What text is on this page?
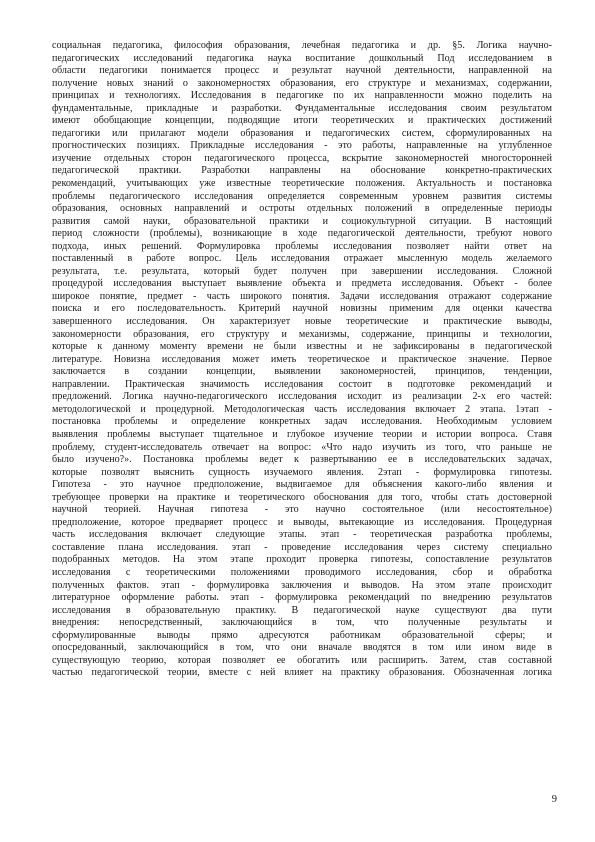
социальная педагогика, философия образования, лечебная педагогика и др. §5. Логика научно-
педагогических исследований педагогика наука воспитание дошкольный Под исследованием в
области педагогики понимается процесс и результат научной деятельности, направленной на
получение новых знаний о закономерностях образования, его структуре и механизмах, содержании,
принципах и технологиях. Исследования в педагогике по их направленности можно поделить на
фундаментальные, прикладные и разработки. Фундаментальные исследования своим результатом
имеют обобщающие концепции, подводящие итоги теоретических и практических достижений
педагогики или прилагают модели образования и педагогических систем, сформулированных на
прогностических позициях. Прикладные исследования - это работы, направленные на углубленное
изучение отдельных сторон педагогического процесса, вскрытие закономерностей многосторонней
педагогической практики. Разработки направлены на обоснование конкретно-практических
рекомендаций, учитывающих уже известные теоретические положения. Актуальность и постановка
проблемы педагогического исследования определяется современным уровнем развития системы
образования, основных направлений и остроты отдельных положений в определенные периоды
развития самой науки, образовательной практики и социокультурной ситуации. В настоящий
период сложности (проблемы), возникающие в ходе педагогической деятельности, требуют нового
подхода, иных решений. Формулировка проблемы исследования позволяет найти ответ на
поставленный в работе вопрос. Цель исследования отражает мысленную модель желаемого
результата, т.е. результата, который будет получен при завершении исследования. Сложной
процедурой исследования выступает выявление объекта и предмета исследования. Объект - более
широкое понятие, предмет - часть широкого понятия. Задачи исследования отражают содержание
поиска и его последовательность. Критерий научной новизны применим для оценки качества
завершенного исследования. Он характеризует новые теоретические и практические выводы,
закономерности образования, его структуру и механизмы, содержание, принципы и технологии,
которые к данному моменту времени не были известны и не зафиксированы в педагогической
литературе. Новизна исследования может иметь теоретическое и практическое значение. Первое
заключается в создании концепции, выявлении закономерностей, принципов, тенденции,
направлении. Практическая значимость исследования состоит в подготовке рекомендаций и
предложений. Логика научно-педагогического исследования исходит из реализации 2-х его частей:
методологической и процедурной. Методологическая часть исследования включает 2 этапа. 1этап -
постановка проблемы и определение конкретных задач исследования. Необходимым условием
выявления проблемы выступает тщательное и глубокое изучение теории и истории вопроса. Ставя
проблему, студент-исследователь отвечает на вопрос: «Что надо изучить из того, что раньше не
было изучено?». Постановка проблемы ведет к развертыванию ее в исследовательских задачах,
которые позволят выяснить сущность изучаемого явления. 2этап - формулировка гипотезы.
Гипотеза - это научное предположение, выдвигаемое для объяснения какого-либо явления и
требующее проверки на практике и теоретического обоснования для того, чтобы стать достоверной
научной теорией. Научная гипотеза - это научно состоятельное (или несостоятельное)
предположение, которое предваряет процесс и выводы, вытекающие из исследования. Процедурная
часть исследования включает следующие этапы. этап - теоретическая разработка проблемы,
составление плана исследования. этап - проведение исследования через систему специально
подобранных методов. На этом этапе проходит проверка гипотезы, сопоставление результатов
исследования с теоретическими положениями проводимого исследования, сбор и обработка
полученных фактов. этап - формулировка заключения и выводов. На этом этапе происходит
литературное оформление работы. этап - формулировка рекомендаций по внедрению результатов
исследования в образовательную практику. В педагогической науке существуют два пути
внедрения: непосредственный, заключающийся в том, что полученные результаты и
сформулированные выводы прямо адресуются работникам образовательной сферы; и
опосредованный, заключающийся в том, что они вначале вводятся в том или ином виде в
существующую теорию, которая позволяет ее обогатить или расширить. Затем, став составной
частью педагогической теории, вместе с ней влияет на практику образования. Обозначенная логика
9
